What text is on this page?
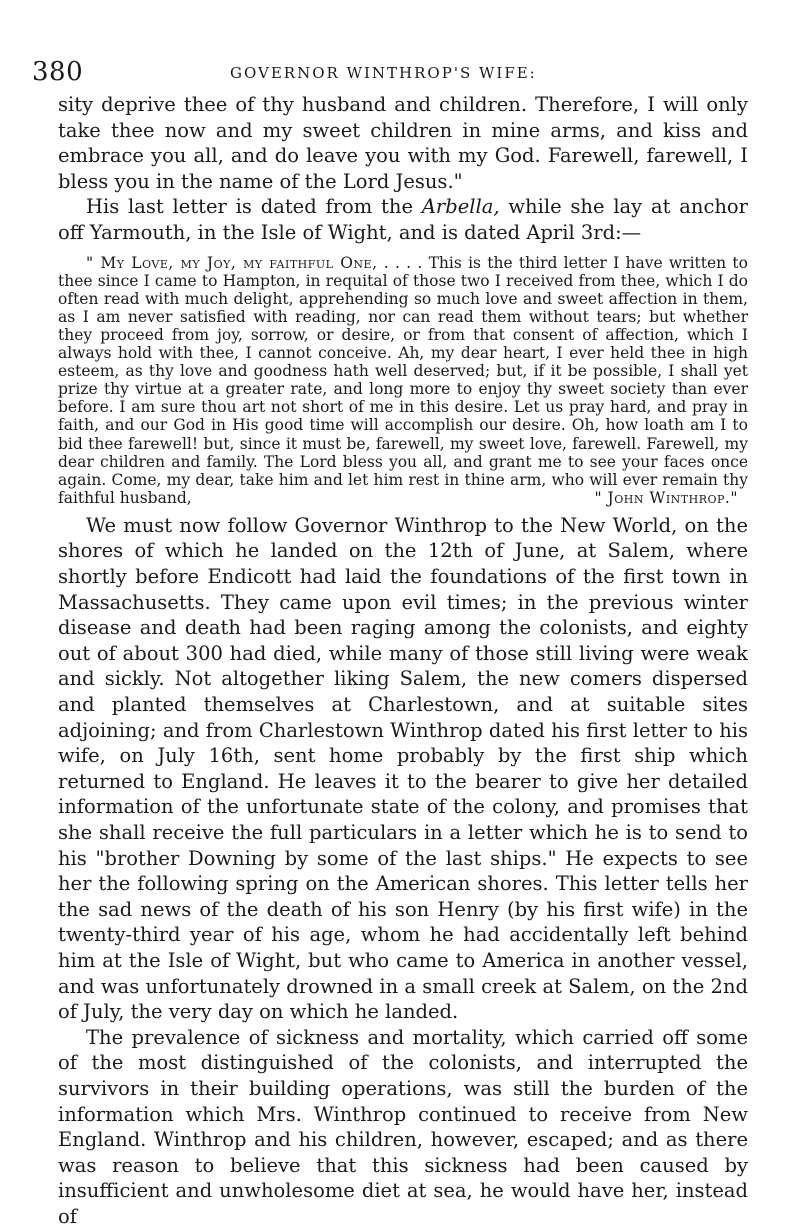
380	GOVERNOR WINTHROP'S WIFE:

sity deprive thee of thy husband and children. Therefore, I will only take thee now and my sweet children in mine arms, and kiss and embrace you all, and do leave you with my God. Farewell, farewell, I bless you in the name of the Lord Jesus."

His last letter is dated from the Arbella, while she lay at anchor off Yarmouth, in the Isle of Wight, and is dated April 3rd:—

" My Love, my Joy, my faithful One, . . . . This is the third letter I have written to thee since I came to Hampton, in requital of those two I received from thee, which I do often read with much delight, apprehending so much love and sweet affection in them, as I am never satisfied with reading, nor can read them without tears; but whether they proceed from joy, sorrow, or desire, or from that consent of affection, which I always hold with thee, I cannot conceive. Ah, my dear heart, I ever held thee in high esteem, as thy love and goodness hath well deserved; but, if it be possible, I shall yet prize thy virtue at a greater rate, and long more to enjoy thy sweet society than ever before. I am sure thou art not short of me in this desire. Let us pray hard, and pray in faith, and our God in His good time will accomplish our desire. Oh, how loath am I to bid thee farewell! but, since it must be, farewell, my sweet love, farewell. Farewell, my dear children and family. The Lord bless you all, and grant me to see your faces once again. Come, my dear, take him and let him rest in thine arm, who will ever remain thy faithful husband,	" John Winthrop."

We must now follow Governor Winthrop to the New World, on the shores of which he landed on the 12th of June, at Salem, where shortly before Endicott had laid the foundations of the first town in Massachusetts. They came upon evil times; in the previous winter disease and death had been raging among the colonists, and eighty out of about 300 had died, while many of those still living were weak and sickly. Not altogether liking Salem, the new comers dispersed and planted themselves at Charlestown, and at suitable sites adjoining; and from Charlestown Winthrop dated his first letter to his wife, on July 16th, sent home probably by the first ship which returned to England. He leaves it to the bearer to give her detailed information of the unfortunate state of the colony, and promises that she shall receive the full particulars in a letter which he is to send to his "brother Downing by some of the last ships." He expects to see her the following spring on the American shores. This letter tells her the sad news of the death of his son Henry (by his first wife) in the twenty-third year of his age, whom he had accidentally left behind him at the Isle of Wight, but who came to America in another vessel, and was unfortunately drowned in a small creek at Salem, on the 2nd of July, the very day on which he landed.

The prevalence of sickness and mortality, which carried off some of the most distinguished of the colonists, and interrupted the survivors in their building operations, was still the burden of the information which Mrs. Winthrop continued to receive from New England. Winthrop and his children, however, escaped; and as there was reason to believe that this sickness had been caused by insufficient and unwholesome diet at sea, he would have her, instead of
